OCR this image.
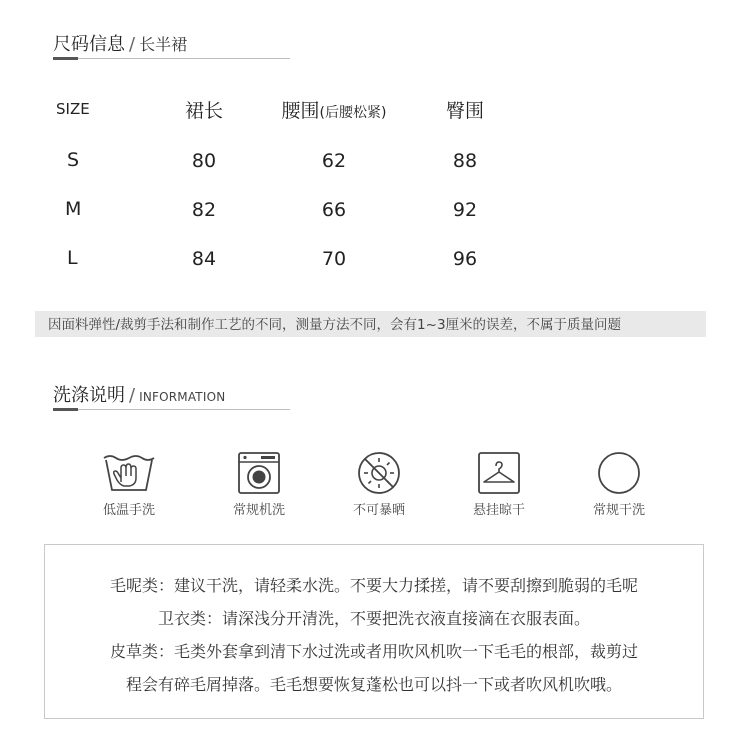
尺码信息 / 长半裙
SIZE	裙长	腰围(后腰松紧)	臀围
S	80	62	88
M	82	66	92
L	84	70	96
因面料弹性/裁剪手法和制作工艺的不同，测量方法不同，会有1~3厘米的误差，不属于质量问题
洗涤说明 / INFORMATION
低温手洗	常规机洗	不可暴晒	悬挂晾干	常规干洗
毛呢类：建议干洗，请轻柔水洗。不要大力揉搓，请不要刮擦到脆弱的毛呢
卫衣类：请深浅分开清洗，不要把洗衣液直接滴在衣服表面。
皮草类：毛类外套拿到清下水过洗或者用吹风机吹一下毛毛的根部，裁剪过
程会有碎毛屑掉落。毛毛想要恢复蓬松也可以抖一下或者吹风机吹哦。
